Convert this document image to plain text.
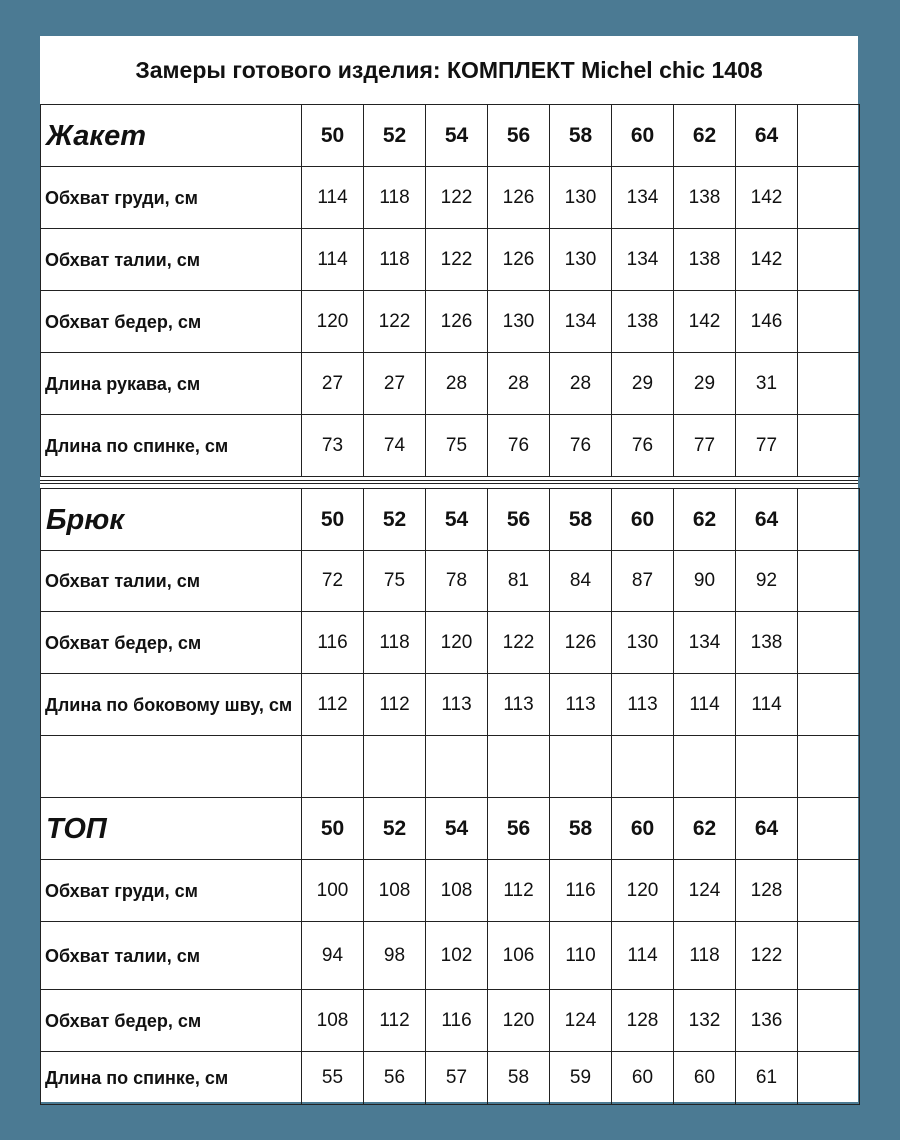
Замеры готового изделия: КОМПЛЕКТ Michel chic 1408
Жакет	50	52	54	56	58	60	62	64	
Обхват груди, см	114	118	122	126	130	134	138	142	
Обхват талии, см	114	118	122	126	130	134	138	142	
Обхват бедер, см	120	122	126	130	134	138	142	146	
Длина рукава, см	27	27	28	28	28	29	29	31	
Длина по спинке, см	73	74	75	76	76	76	77	77	
Брюк	50	52	54	56	58	60	62	64	
Обхват талии, см	72	75	78	81	84	87	90	92	
Обхват бедер, см	116	118	120	122	126	130	134	138	
Длина по боковому шву, см	112	112	113	113	113	113	114	114	

ТОП	50	52	54	56	58	60	62	64	
Обхват груди, см	100	108	108	112	116	120	124	128	
Обхват талии, см	94	98	102	106	110	114	118	122	
Обхват бедер, см	108	112	116	120	124	128	132	136	
Длина по спинке, см	55	56	57	58	59	60	60	61	
